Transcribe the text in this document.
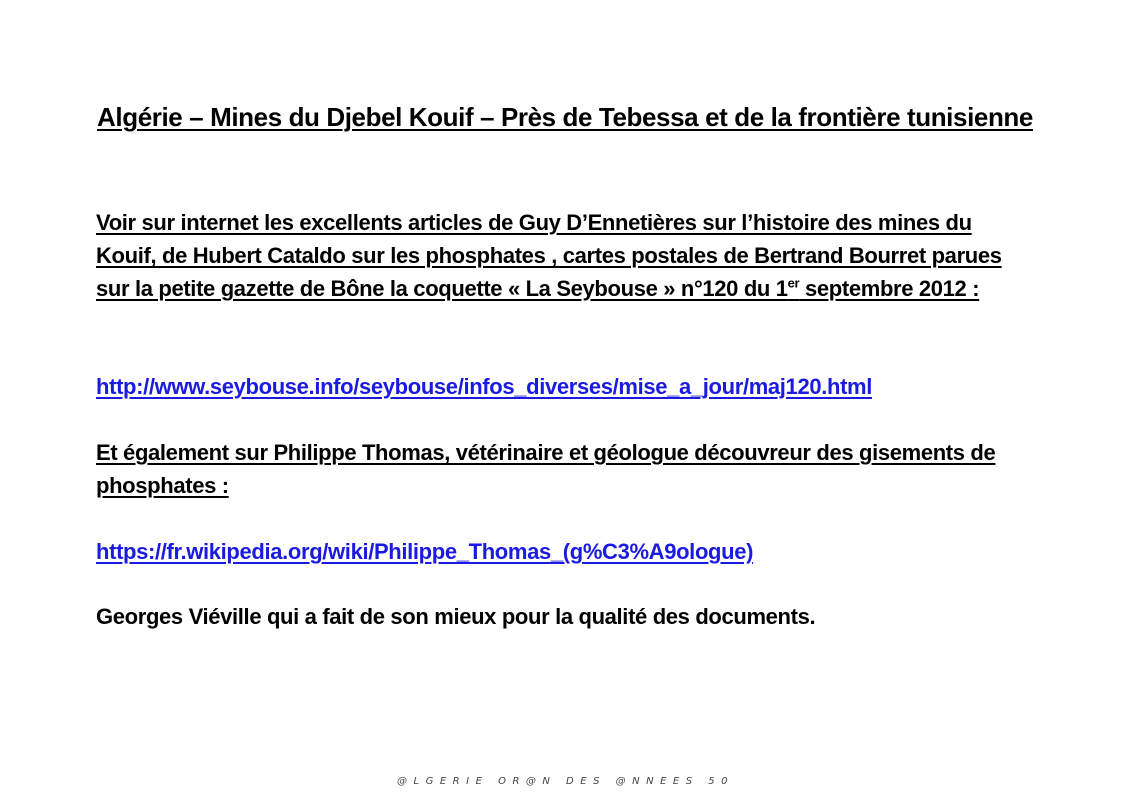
Algérie – Mines du Djebel Kouif – Près de Tebessa et de la frontière tunisienne
Voir sur internet les excellents articles de Guy D’Ennetières sur l’histoire des mines du Kouif, de Hubert Cataldo sur les phosphates , cartes postales de Bertrand Bourret parues sur la petite gazette de Bône la coquette « La Seybouse » n°120 du 1er septembre 2012 :
http://www.seybouse.info/seybouse/infos_diverses/mise_a_jour/maj120.html
Et également sur Philippe Thomas, vétérinaire et géologue découvreur des gisements de phosphates :
https://fr.wikipedia.org/wiki/Philippe_Thomas_(g%C3%A9ologue)
Georges Viéville qui a fait de son mieux pour la qualité des documents.
@LGERIE OR@N DES @NNEES 50
